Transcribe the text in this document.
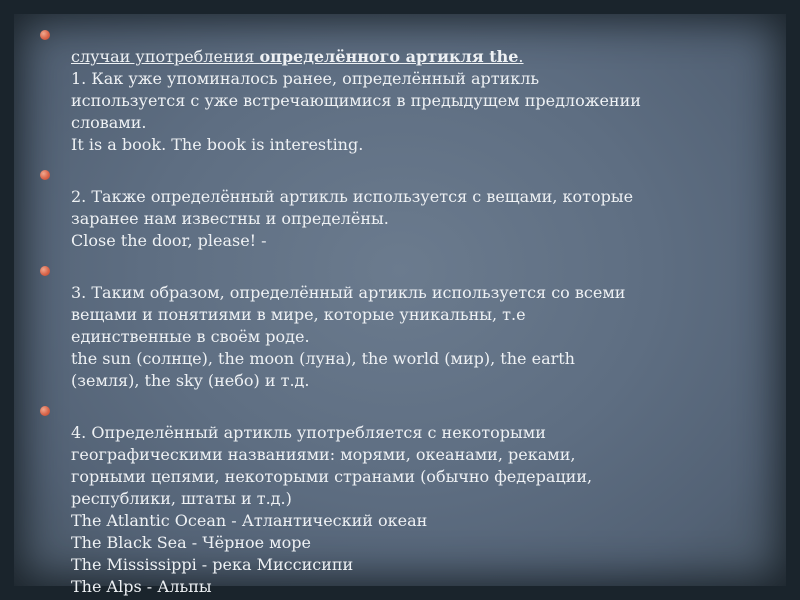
случаи употребления определённого артикля the.
1. Как уже упоминалось ранее, определённый артикль
используется с уже встречающимися в предыдущем предложении
словами.
It is a book. The book is interesting.

2. Также определённый артикль используется с вещами, которые
заранее нам известны и определёны.
Close the door, please! -

3. Таким образом, определённый артикль используется со всеми
вещами и понятиями в мире, которые уникальны, т.е
единственные в своём роде.
the sun (солнце), the moon (луна), the world (мир), the earth
(земля), the sky (небо) и т.д.

4. Определённый артикль употребляется с некоторыми
географическими названиями: морями, океанами, реками,
горными цепями, некоторыми странами (обычно федерации,
республики, штаты и т.д.)
The Atlantic Ocean - Атлантический океан
The Black Sea - Чёрное море
The Mississippi - река Миссисипи
The Alps - Альпы
